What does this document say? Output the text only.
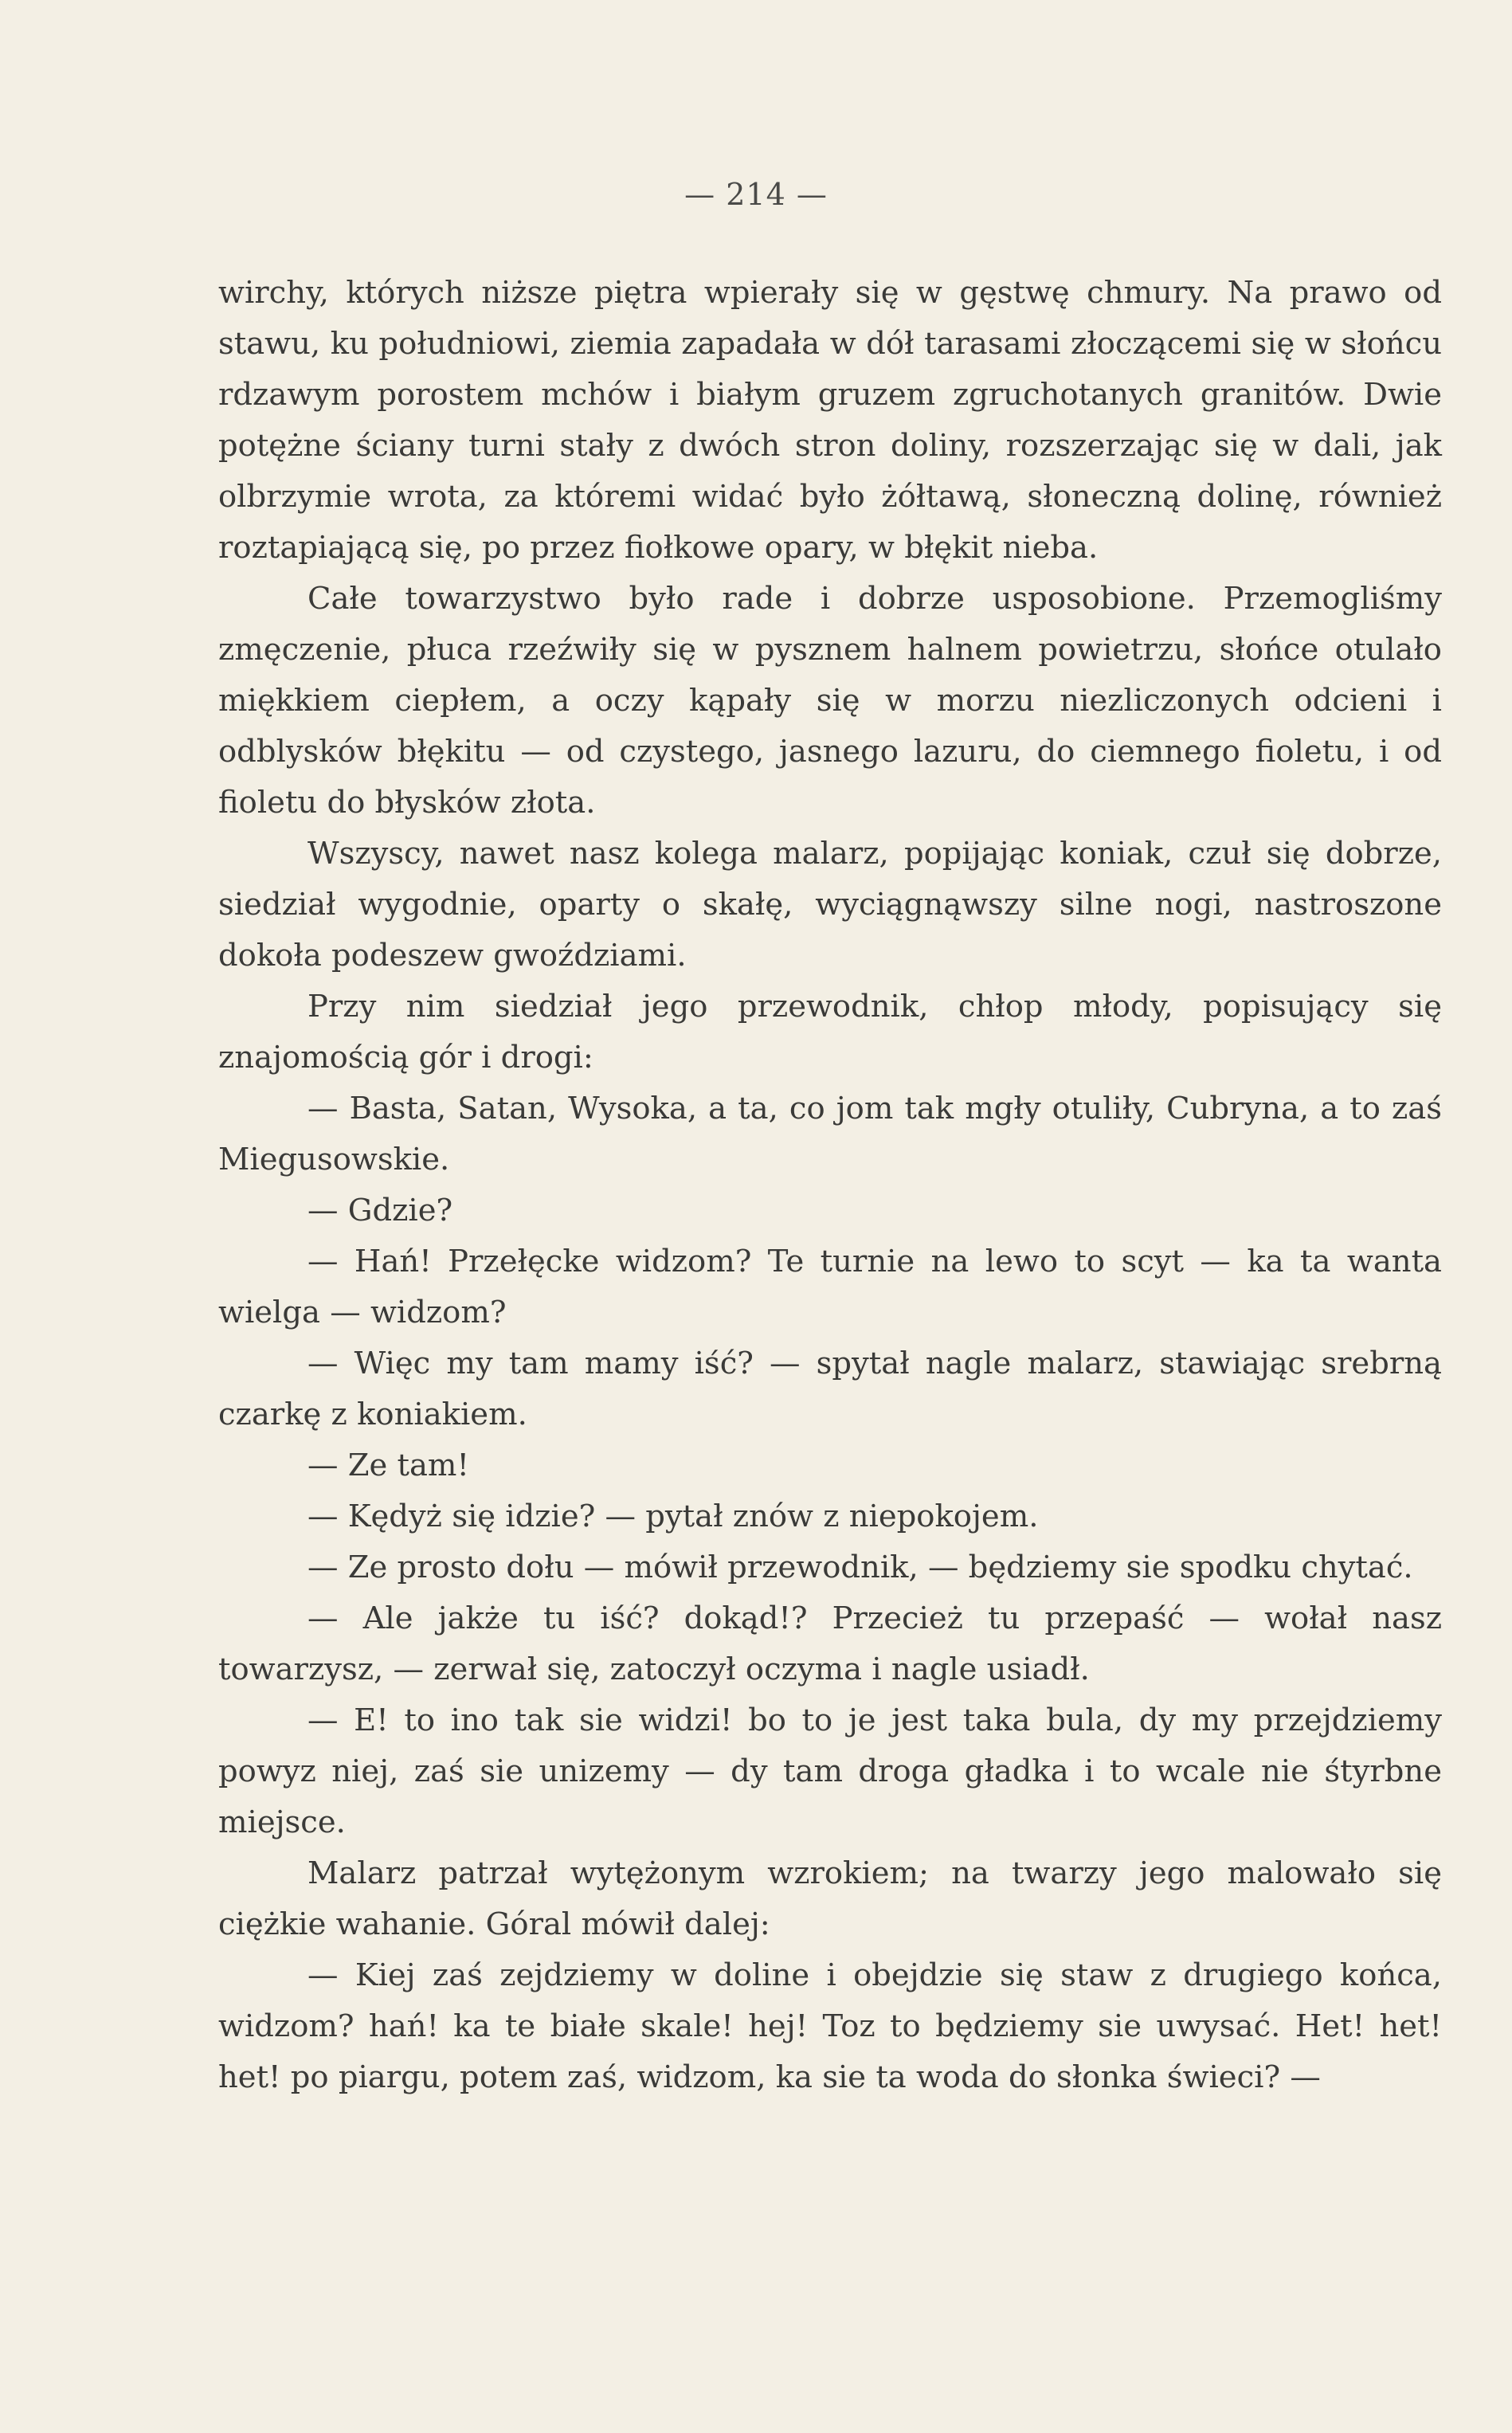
— 214 —

wirchy, których niższe piętra wpierały się w gęstwę chmury. Na prawo od stawu, ku południowi, ziemia zapadała w dół tarasami złoczącemi się w słońcu rdzawym porostem mchów i białym gruzem zgruchotanych granitów. Dwie potężne ściany turni stały z dwóch stron doliny, rozszerzając się w dali, jak olbrzymie wrota, za któremi widać było żółtawą, słoneczną dolinę, również roztapiającą się, po przez fiołkowe opary, w błękit nieba.

Całe towarzystwo było rade i dobrze usposobione. Przemogliśmy zmęczenie, płuca rzeźwiły się w pysznem halnem powietrzu, słońce otulało miękkiem ciepłem, a oczy kąpały się w morzu niezliczonych odcieni i odblysków błękitu — od czystego, jasnego lazuru, do ciemnego fioletu, i od fioletu do błysków złota.

Wszyscy, nawet nasz kolega malarz, popijając koniak, czuł się dobrze, siedział wygodnie, oparty o skałę, wyciągnąwszy silne nogi, nastroszone dokoła podeszew gwoździami.

Przy nim siedział jego przewodnik, chłop młody, popisujący się znajomością gór i drogi:

— Basta, Satan, Wysoka, a ta, co jom tak mgły otuliły, Cubryna, a to zaś Miegusowskie.

— Gdzie?

— Hań! Przełęcke widzom? Te turnie na lewo to scyt — ka ta wanta wielga — widzom?

— Więc my tam mamy iść? — spytał nagle malarz, stawiając srebrną czarkę z koniakiem.

— Ze tam!

— Kędyż się idzie? — pytał znów z niepokojem.

— Ze prosto dołu — mówił przewodnik, — będziemy sie spodku chytać.

— Ale jakże tu iść? dokąd!? Przecież tu przepaść — wołał nasz towarzysz, — zerwał się, zatoczył oczyma i nagle usiadł.

— E! to ino tak sie widzi! bo to je jest taka bula, dy my przejdziemy powyz niej, zaś sie unizemy — dy tam droga gładka i to wcale nie śtyrbne miejsce.

Malarz patrzał wytężonym wzrokiem; na twarzy jego malowało się ciężkie wahanie. Góral mówił dalej:

— Kiej zaś zejdziemy w doline i obejdzie się staw z drugiego końca, widzom? hań! ka te białe skale! hej! Toz to będziemy sie uwysać. Het! het! het! po piargu, potem zaś, widzom, ka sie ta woda do słonka świeci? —
